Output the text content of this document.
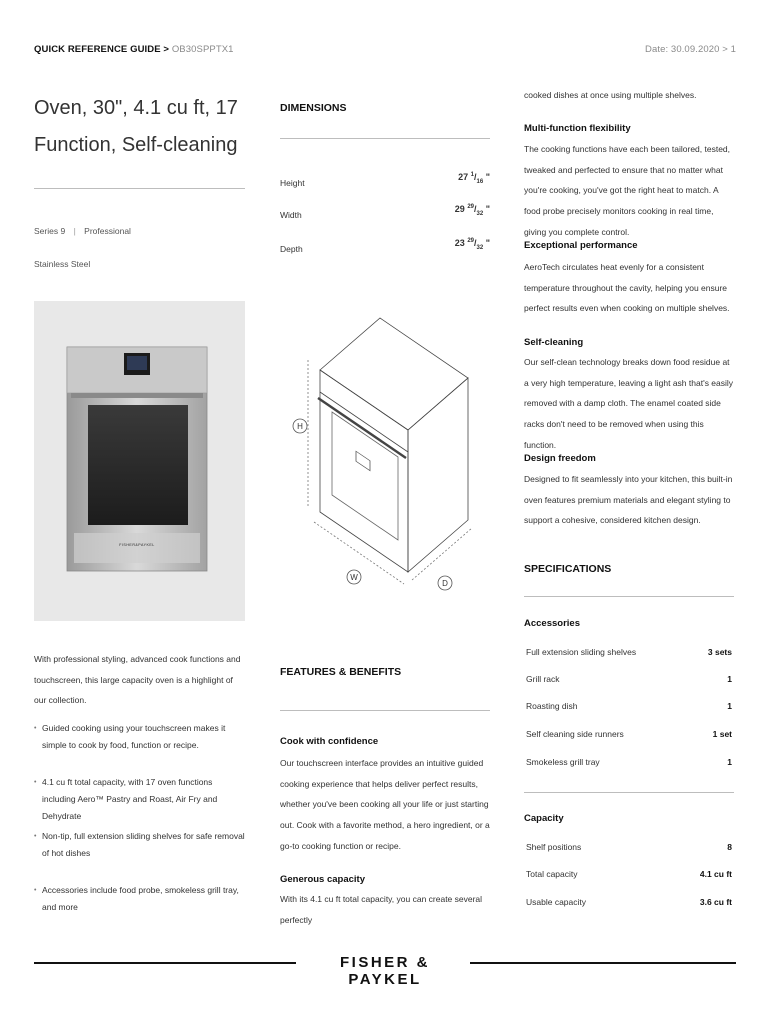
QUICK REFERENCE GUIDE > OB30SPPTX1	Date: 30.09.2020 > 1
Oven, 30", 4.1 cu ft, 17 Function, Self-cleaning
Series 9 | Professional
Stainless Steel
FISHER&PAYKEL
With professional styling, advanced cook functions and touchscreen, this large capacity oven is a highlight of our collection.
• Guided cooking using your touchscreen makes it simple to cook by food, function or recipe.
• 4.1 cu ft total capacity, with 17 oven functions including Aero™ Pastry and Roast, Air Fry and Dehydrate
• Non-tip, full extension sliding shelves for safe removal of hot dishes
• Accessories include food probe, smokeless grill tray, and more
DIMENSIONS
Height
27 $^1/_{16}$ "
Width
29 $^{29}/_{32}$ "
Depth
23 $^{29}/_{32}$ "
H
W
D
FEATURES & BENEFITS
Cook with confidence
Our touchscreen interface provides an intuitive guided cooking experience that helps deliver perfect results, whether you've been cooking all your life or just starting out. Cook with a favorite method, a hero ingredient, or a go-to cooking function or recipe.
Generous capacity
With its 4.1 cu ft total capacity, you can create several perfectly
cooked dishes at once using multiple shelves.
Multi-function flexibility
The cooking functions have each been tailored, tested, tweaked and perfected to ensure that no matter what you're cooking, you've got the right heat to match. A food probe precisely monitors cooking in real time, giving you complete control.
Exceptional performance
AeroTech circulates heat evenly for a consistent temperature throughout the cavity, helping you ensure perfect results even when cooking on multiple shelves.
Self-cleaning
Our self-clean technology breaks down food residue at a very high temperature, leaving a light ash that's easily removed with a damp cloth. The enamel coated side racks don't need to be removed when using this function.
Design freedom
Designed to fit seamlessly into your kitchen, this built-in oven features premium materials and elegant styling to support a cohesive, considered kitchen design.
SPECIFICATIONS
Accessories
Full extension sliding shelves	3 sets
Grill rack	1
Roasting dish	1
Self cleaning side runners	1 set
Smokeless grill tray	1
Capacity
Shelf positions	8
Total capacity	4.1 cu ft
Usable capacity	3.6 cu ft
FISHER & PAYKEL
